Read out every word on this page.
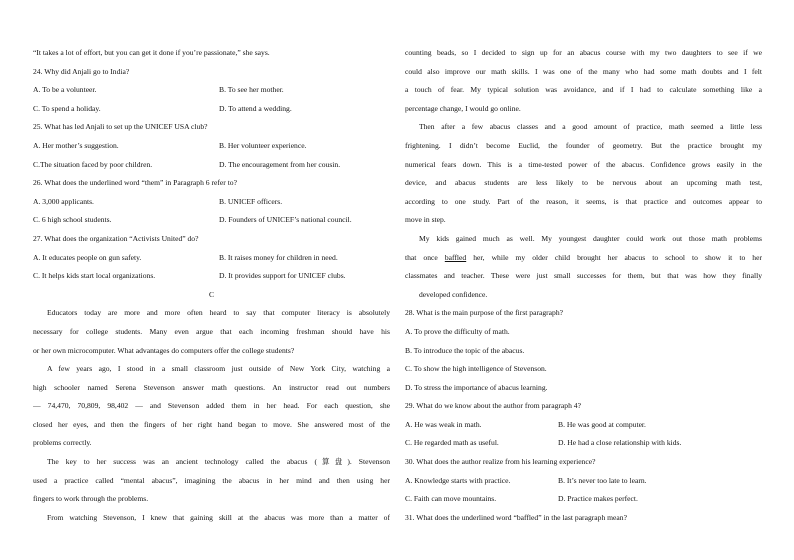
“It takes a lot of effort, but you can get it done if you’re passionate,” she says.
24. Why did Anjali go to India?
A. To be a volunteer.	B. To see her mother.
C. To spend a holiday.	D. To attend a wedding.
25. What has led Anjali to set up the UNICEF USA club?
A. Her mother’s suggestion.	B. Her volunteer experience.
C.The situation faced by poor children.	D. The encouragement from her cousin.
26. What does the underlined word “them” in Paragraph 6 refer to?
A. 3,000 applicants.	B. UNICEF officers.
C. 6 high school students.	D. Founders of UNICEF’s national council.
27. What does the organization “Activists United” do?
A. It educates people on gun safety.	B. It raises money for children in need.
C. It helps kids start local organizations.	D. It provides support for UNICEF clubs.
C
Educators today are more and more often heard to say that computer literacy is absolutely
necessary for college students. Many even argue that each incoming freshman should have his
or her own microcomputer. What advantages do computers offer the college students?
A few years ago, I stood in a small classroom just outside of New York City, watching a
high schooler named Serena Stevenson answer math questions. An instructor read out numbers
— 74,470, 70,809, 98,402 — and Stevenson added them in her head. For each question, she
closed her eyes, and then the fingers of her right hand began to move. She answered most of the
problems correctly.
The key to her success was an ancient technology called the abacus (算盘). Stevenson
used a practice called “mental abacus”, imagining the abacus in her mind and then using her
fingers to work through the problems.
From watching Stevenson, I knew that gaining skill at the abacus was more than a matter of
counting beads, so I decided to sign up for an abacus course with my two daughters to see if we
could also improve our math skills. I was one of the many who had some math doubts and I felt
a touch of fear. My typical solution was avoidance, and if I had to calculate something like a
percentage change, I would go online.
Then after a few abacus classes and a good amount of practice, math seemed a little less
frightening. I didn’t become Euclid, the founder of geometry. But the practice brought my
numerical fears down. This is a time-tested power of the abacus. Confidence grows easily in the
device, and abacus students are less likely to be nervous about an upcoming math test,
according to one study. Part of the reason, it seems, is that practice and outcomes appear to
move in step.
My kids gained much as well. My youngest daughter could work out those math problems
that once baffled her, while my older child brought her abacus to school to show it to her
classmates and teacher. These were just small successes for them, but that was how they finally
developed confidence.
28. What is the main purpose of the first paragraph?
A. To prove the difficulty of math.
B. To introduce the topic of the abacus.
C. To show the high intelligence of Stevenson.
D. To stress the importance of abacus learning.
29. What do we know about the author from paragraph 4?
A. He was weak in math.	B. He was good at computer.
C. He regarded math as useful.	D. He had a close relationship with kids.
30. What does the author realize from his learning experience?
A. Knowledge starts with practice.	B. It’s never too late to learn.
C. Faith can move mountains.	D. Practice makes perfect.
31. What does the underlined word “baffled” in the last paragraph mean?
